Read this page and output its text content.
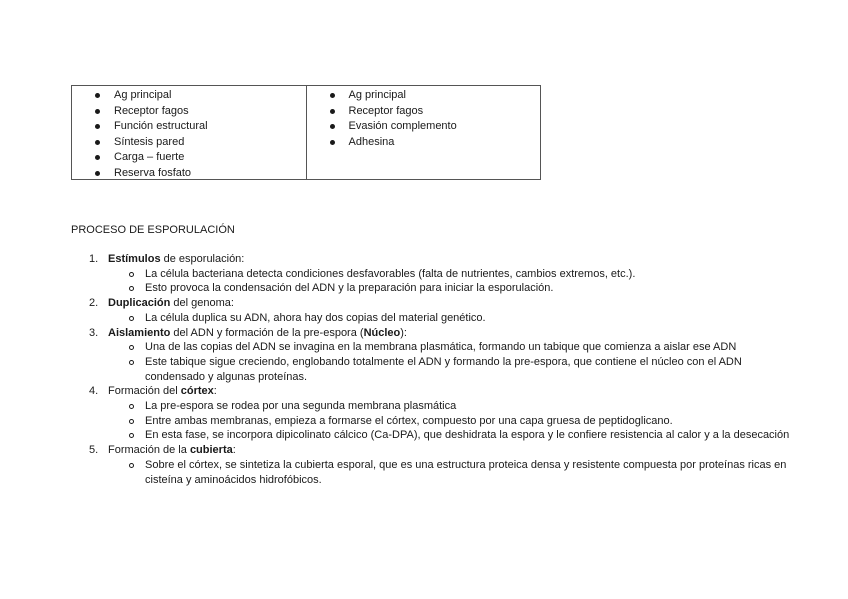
Ag principal
Receptor fagos
Función estructural
Síntesis pared
Carga – fuerte
Reserva fosfato
Ag principal
Receptor fagos
Evasión complemento
Adhesina
PROCESO DE ESPORULACIÓN
1. Estímulos de esporulación:
La célula bacteriana detecta condiciones desfavorables (falta de nutrientes, cambios extremos, etc.).
Esto provoca la condensación del ADN y la preparación para iniciar la esporulación.
2. Duplicación del genoma:
La célula duplica su ADN, ahora hay dos copias del material genético.
3. Aislamiento del ADN y formación de la pre-espora (Núcleo):
Una de las copias del ADN se invagina en la membrana plasmática, formando un tabique que comienza a aislar ese ADN
Este tabique sigue creciendo, englobando totalmente el ADN y formando la pre-espora, que contiene el núcleo con el ADN condensado y algunas proteínas.
4. Formación del córtex:
La pre-espora se rodea por una segunda membrana plasmática
Entre ambas membranas, empieza a formarse el córtex, compuesto por una capa gruesa de peptidoglicano.
En esta fase, se incorpora dipicolinato cálcico (Ca-DPA), que deshidrata la espora y le confiere resistencia al calor y a la desecación
5. Formación de la cubierta:
Sobre el córtex, se sintetiza la cubierta esporal, que es una estructura proteica densa y resistente compuesta por proteínas ricas en cisteína y aminoácidos hidrofóbicos.
